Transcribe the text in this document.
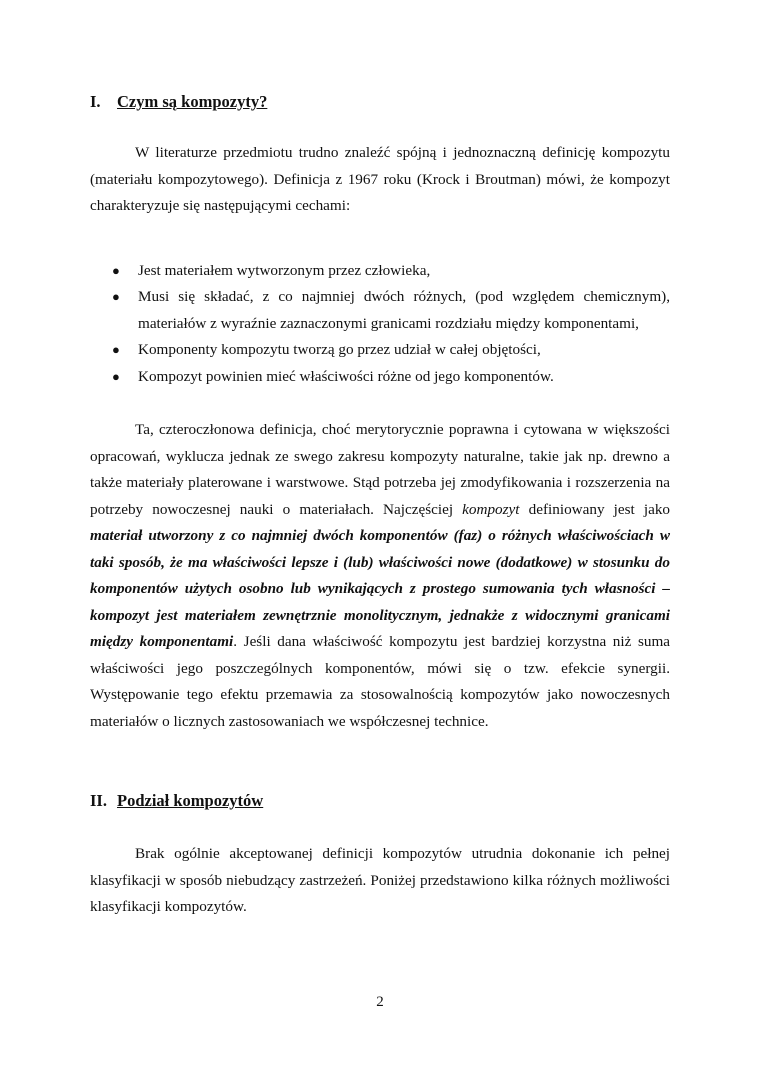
I. Czym są kompozyty?

W literaturze przedmiotu trudno znaleźć spójną i jednoznaczną definicję kompozytu (materiału kompozytowego). Definicja z 1967 roku (Krock i Broutman) mówi, że kompozyt charakteryzuje się następującymi cechami:

● Jest materiałem wytworzonym przez człowieka,
● Musi się składać, z co najmniej dwóch różnych, (pod względem chemicznym), materiałów z wyraźnie zaznaczonymi granicami rozdziału między komponentami,
● Komponenty kompozytu tworzą go przez udział w całej objętości,
● Kompozyt powinien mieć właściwości różne od jego komponentów.

Ta, czteroczłonowa definicja, choć merytorycznie poprawna i cytowana w większości opracowań, wyklucza jednak ze swego zakresu kompozyty naturalne, takie jak np. drewno a także materiały platerowane i warstwowe. Stąd potrzeba jej zmodyfikowania i rozszerzenia na potrzeby nowoczesnej nauki o materiałach. Najczęściej kompozyt definiowany jest jako materiał utworzony z co najmniej dwóch komponentów (faz) o różnych właściwościach w taki sposób, że ma właściwości lepsze i (lub) właściwości nowe (dodatkowe) w stosunku do komponentów użytych osobno lub wynikających z prostego sumowania tych własności – kompozyt jest materiałem zewnętrznie monolitycznym, jednakże z widocznymi granicami między komponentami. Jeśli dana właściwość kompozytu jest bardziej korzystna niż suma właściwości jego poszczególnych komponentów, mówi się o tzw. efekcie synergii. Występowanie tego efektu przemawia za stosowalnością kompozytów jako nowoczesnych materiałów o licznych zastosowaniach we współczesnej technice.

II. Podział kompozytów

Brak ogólnie akceptowanej definicji kompozytów utrudnia dokonanie ich pełnej klasyfikacji w sposób niebudzący zastrzeżeń. Poniżej przedstawiono kilka różnych możliwości klasyfikacji kompozytów.

2
